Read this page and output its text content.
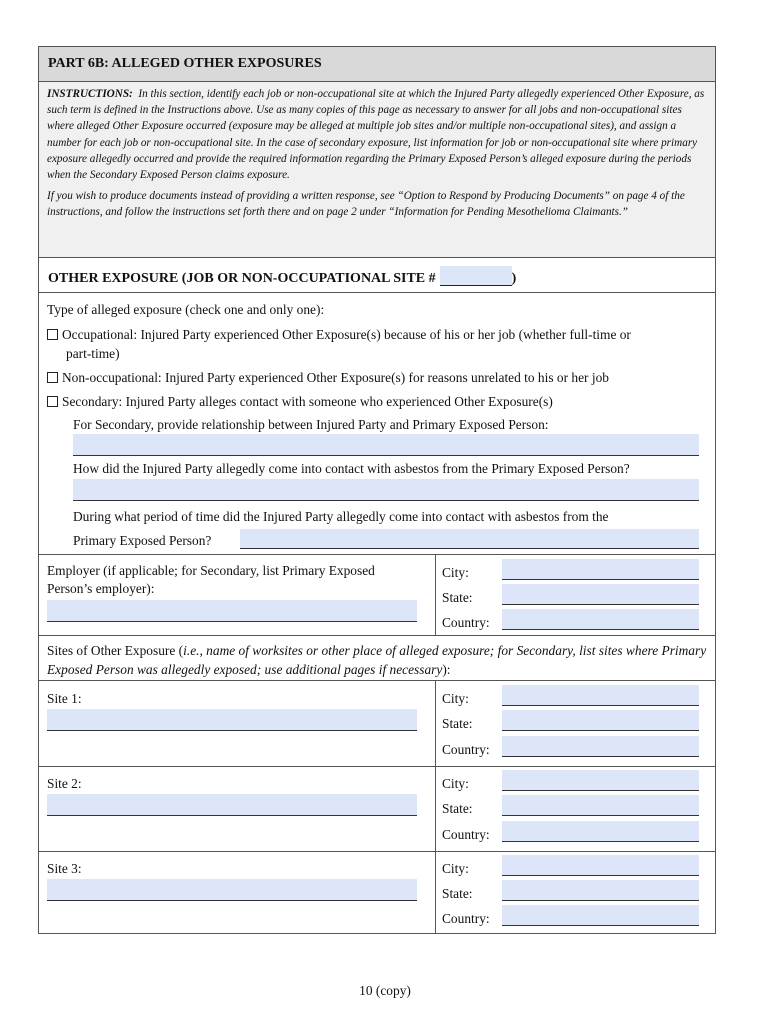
PART 6B: ALLEGED OTHER EXPOSURES

INSTRUCTIONS: In this section, identify each job or non-occupational site at which the Injured Party allegedly experienced Other Exposure, as such term is defined in the Instructions above. Use as many copies of this page as necessary to answer for all jobs and non-occupational sites where alleged Other Exposure occurred (exposure may be alleged at multiple job sites and/or multiple non-occupational sites), and assign a number for each job or non-occupational site. In the case of secondary exposure, list information for job or non-occupational site where primary exposure allegedly occurred and provide the required information regarding the Primary Exposed Person’s alleged exposure during the periods when the Secondary Exposed Person claims exposure.

If you wish to produce documents instead of providing a written response, see “Option to Respond by Producing Documents” on page 4 of the instructions, and follow the instructions set forth there and on page 2 under “Information for Pending Mesothelioma Claimants.”

OTHER EXPOSURE (JOB OR NON-OCCUPATIONAL SITE #	)
Type of alleged exposure (check one and only one):
Occupational: Injured Party experienced Other Exposure(s) because of his or her job (whether full-time or
part-time)
Non-occupational: Injured Party experienced Other Exposure(s) for reasons unrelated to his or her job
Secondary: Injured Party alleges contact with someone who experienced Other Exposure(s)
For Secondary, provide relationship between Injured Party and Primary Exposed Person:
How did the Injured Party allegedly come into contact with asbestos from the Primary Exposed Person?
During what period of time did the Injured Party allegedly come into contact with asbestos from the
Primary Exposed Person?
Employer (if applicable; for Secondary, list Primary Exposed
Person’s employer):
City:
State:
Country:
Sites of Other Exposure (i.e., name of worksites or other place of alleged exposure; for Secondary, list sites where Primary Exposed Person was allegedly exposed; use additional pages if necessary):
Site 1:	City:
State:
Country:
Site 2:	City:
State:
Country:
Site 3:	City:
State:
Country:
10 (copy)
